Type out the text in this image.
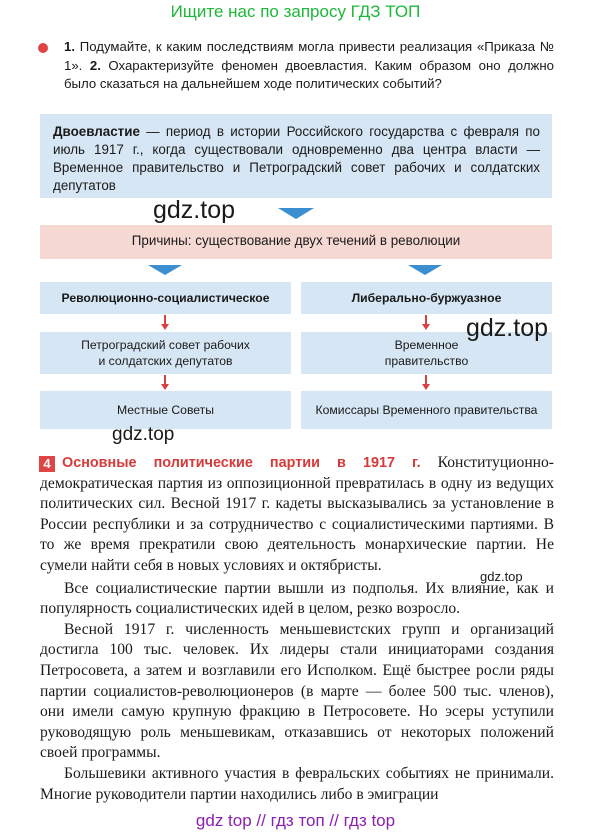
Ищите нас по запросу ГДЗ ТОП
1. Подумайте, к каким последствиям могла привести реализация «Приказа № 1». 2. Охарактеризуйте феномен двоевластия. Каким образом оно должно было сказаться на дальнейшем ходе политических событий?
Двоевластие — период в истории Российского государства с февраля по июль 1917 г., когда существовали одновременно два центра власти — Временное правительство и Петроградский совет рабочих и солдатских депутатов
gdz.top
Причины: существование двух течений в революции
Революционно-социалистическое
Петроградский совет рабочих
и солдатских депутатов
Местные Советы
Либерально-буржуазное
Временное
правительство
Комиссары Временного правительства
gdz.top
gdz.top
4 Основные политические партии в 1917 г. Конституционно-демократическая партия из оппозиционной превратилась в одну из ведущих политических сил. Весной 1917 г. кадеты высказывались за установление в России республики и за сотрудничество с социалистическими партиями. В то же время прекратили свою деятельность монархические партии. Не сумели найти себя в новых условиях и октябристы.

Все социалистические партии вышли из подполья. Их влияние, как и популярность социалистических идей в целом, резко возросло.

Весной 1917 г. численность меньшевистских групп и организаций достигла 100 тыс. человек. Их лидеры стали инициаторами создания Петросовета, а затем и возглавили его Исполком. Ещё быстрее росли ряды партии социалистов-революционеров (в марте — более 500 тыс. членов), они имели самую крупную фракцию в Петросовете. Но эсеры уступили руководящую роль меньшевикам, отказавшись от некоторых положений своей программы.

Большевики активного участия в февральских событиях не принимали. Многие руководители партии находились либо в эмиграции

gdz.top
gdz top // гдз топ // гдз top
